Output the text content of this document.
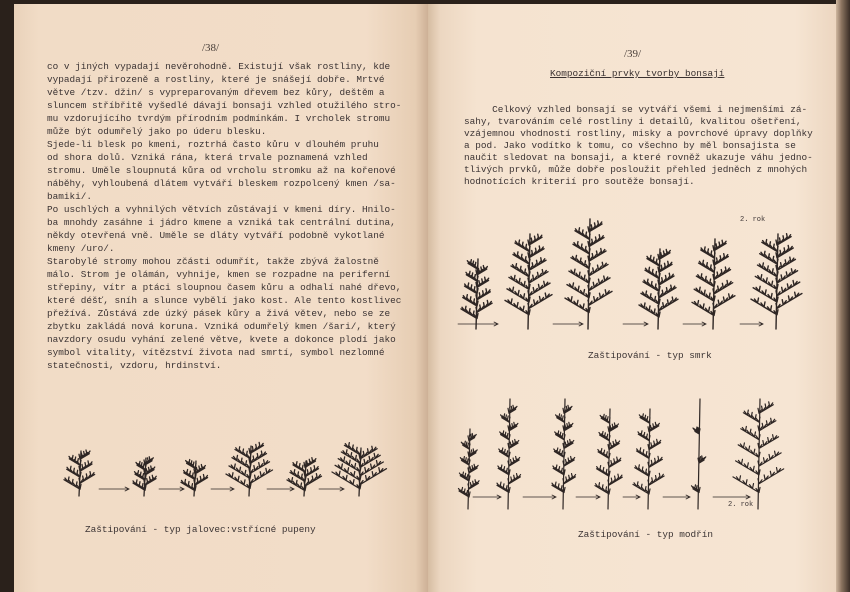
/38/
co v jiných vypadají nevěrohodně. Existují však rostliny, kde
vypadají přirozeně a rostliny, které je snášejí dobře. Mrtvé
větve /tzv. džin/ s vypreparovaným dřevem bez kůry, deštěm a
sluncem stříbřitě vyšedlé dávají bonsaji vzhled otužilého stro-
mu vzdorujícího tvrdým přírodním podmínkám. I vrcholek stromu
může být odumřelý jako po úderu blesku.
Sjede-li blesk po kmeni, roztrhá často kůru v dlouhém pruhu
od shora dolů. Vzniká rána, která trvale poznamená vzhled
stromu. Uměle sloupnutá kůra od vrcholu stromku až na kořenové
náběhy, vyhloubená dlátem vytváří bleskem rozpolcený kmen /sa-
bamiki/.
Po uschlých a vyhnilých větvích zůstávají v kmeni díry. Hnilo-
ba mnohdy zasáhne i jádro kmene a vzniká tak centrální dutina,
někdy otevřená vně. Uměle se dláty vytváří podobně vykotlané
kmeny /uro/.
Starobylé stromy mohou zčásti odumřít, takže zbývá žalostně
málo. Strom je olámán, vyhnije, kmen se rozpadne na periferní
střepiny, vítr a ptáci sloupnou časem kůru a odhalí nahé dřevo,
které déšť, sníh a slunce vybělí jako kost. Ale tento kostlivec
přežívá. Zůstává zde úzký pásek kůry a živá větev, nebo se ze
zbytku zakládá nová koruna. Vzniká odumřelý kmen /šari/, který
navzdory osudu vyhání zelené větve, kvete a dokonce plodí jako
symbol vitality, vítězství života nad smrtí, symbol nezlomné
statečnosti, vzdoru, hrdinství.
Zaštipování - typ jalovec:vstřícné pupeny
/39/
Kompoziční prvky tvorby bonsají
Celkový vzhled bonsají se vytváří všemi i nejmenšími zá-
sahy, tvarováním celé rostliny i detailů, kvalitou ošetření,
vzájemnou vhodností rostliny, misky a povrchové úpravy doplňky
a pod. Jako vodítko k tomu, co všechno by měl bonsajista se
naučit sledovat na bonsaji, a které rovněž ukazuje váhu jedno-
tlivých prvků, může dobře posloužit přehled jedněch z mnohých
hodnotících kriterií pro soutěže bonsají.
2. rok
Zaštipování - typ smrk
2. rok
Zaštipování - typ modřín
